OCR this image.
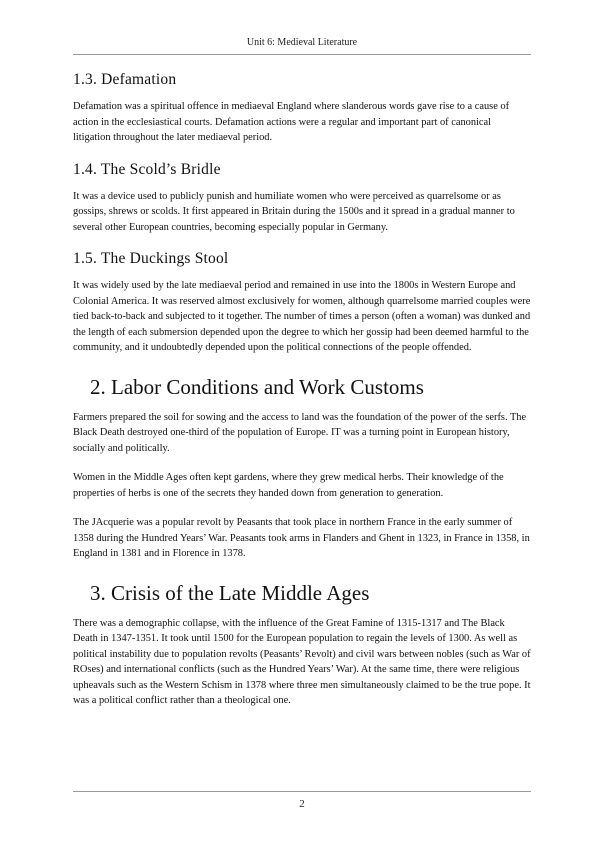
Unit 6: Medieval Literature
1.3. Defamation

Defamation was a spiritual offence in mediaeval England where slanderous words gave rise to a cause of action in the ecclesiastical courts. Defamation actions were a regular and important part of canonical litigation throughout the later mediaeval period.

1.4. The Scold’s Bridle

It was a device used to publicly punish and humiliate women who were perceived as quarrelsome or as gossips, shrews or scolds. It first appeared in Britain during the 1500s and it spread in a gradual manner to several other European countries, becoming especially popular in Germany.

1.5. The Duckings Stool

It was widely used by the late mediaeval period and remained in use into the 1800s in Western Europe and Colonial America. It was reserved almost exclusively for women, although quarrelsome married couples were tied back-to-back and subjected to it together. The number of times a person (often a woman) was dunked and the length of each submersion depended upon the degree to which her gossip had been deemed harmful to the community, and it undoubtedly depended upon the political connections of the people offended.

2. Labor Conditions and Work Customs

Farmers prepared the soil for sowing and the access to land was the foundation of the power of the serfs. The Black Death destroyed one-third of the population of Europe. IT was a turning point in European history, socially and politically.

Women in the Middle Ages often kept gardens, where they grew medical herbs. Their knowledge of the properties of herbs is one of the secrets they handed down from generation to generation.

The JAcquerie was a popular revolt by Peasants that took place in northern France in the early summer of 1358 during the Hundred Years’ War. Peasants took arms in Flanders and Ghent in 1323, in France in 1358, in England in 1381 and in Florence in 1378.

3. Crisis of the Late Middle Ages

There was a demographic collapse, with the influence of the Great Famine of 1315-1317 and The Black Death in 1347-1351. It took until 1500 for the European population to regain the levels of 1300. As well as political instability due to population revolts (Peasants’ Revolt) and civil wars between nobles (such as War of ROses) and international conflicts (such as the Hundred Years’ War). At the same time, there were religious upheavals such as the Western Schism in 1378 where three men simultaneously claimed to be the true pope. It was a political conflict rather than a theological one.

2
